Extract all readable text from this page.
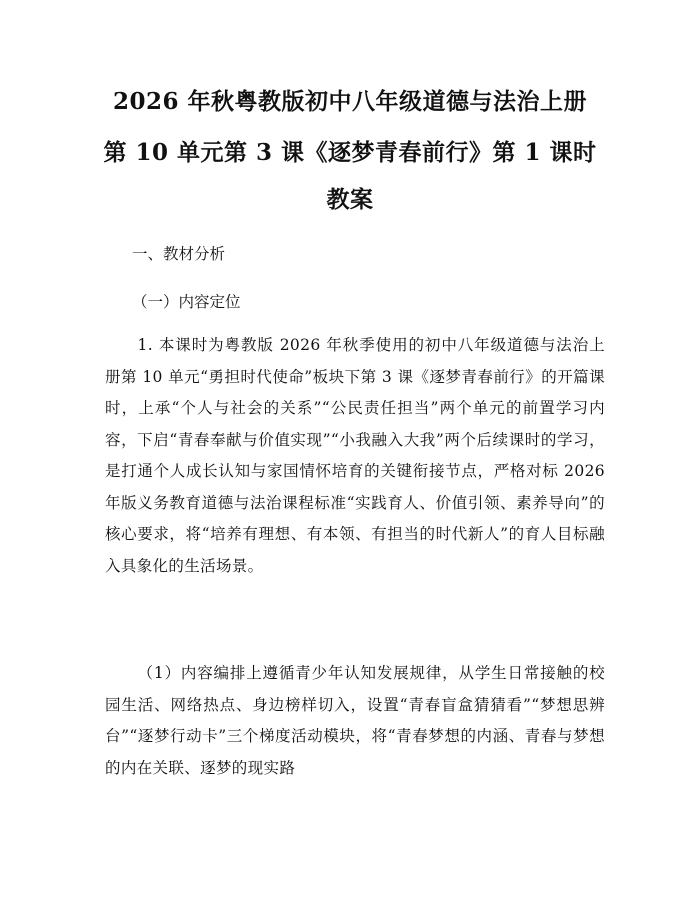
2026 年秋粤教版初中八年级道德与法治上册
第 10 单元第 3 课《逐梦青春前行》第 1 课时
教案
一、教材分析
（一）内容定位
1. 本课时为粤教版 2026 年秋季使用的初中八年级道德与法治上册第 10 单元“勇担时代使命”板块下第 3 课《逐梦青春前行》的开篇课时，上承“个人与社会的关系”“公民责任担当”两个单元的前置学习内容，下启“青春奉献与价值实现”“小我融入大我”两个后续课时的学习，是打通个人成长认知与家国情怀培育的关键衔接节点，严格对标 2026 年版义务教育道德与法治课程标准“实践育人、价值引领、素养导向”的核心要求，将“培养有理想、有本领、有担当的时代新人”的育人目标融入具象化的生活场景。
（1）内容编排上遵循青少年认知发展规律，从学生日常接触的校园生活、网络热点、身边榜样切入，设置“青春盲盒猜猜看”“梦想思辨台”“逐梦行动卡”三个梯度活动模块，将“青春梦想的内涵、青春与梦想的内在关联、逐梦的现实路
